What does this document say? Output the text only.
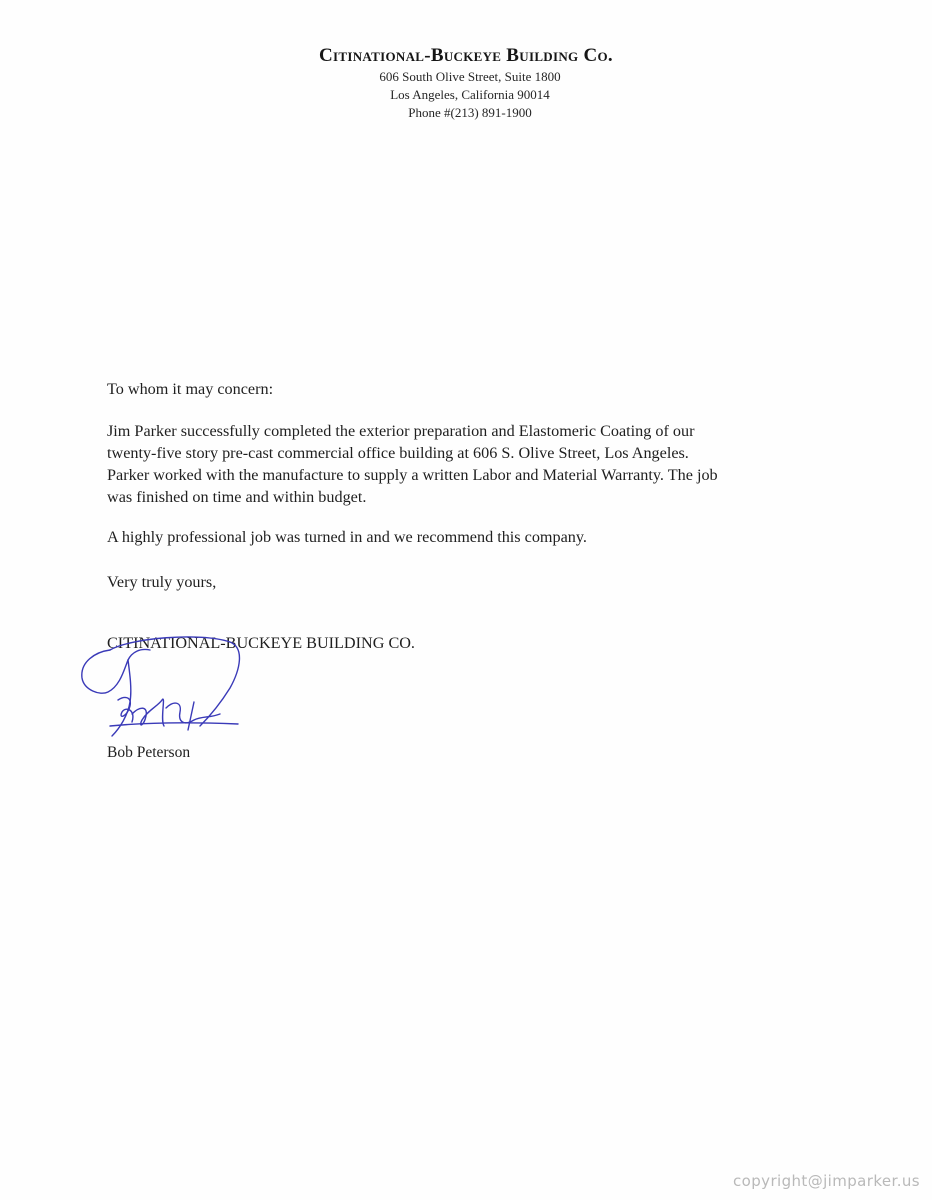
Citinational-Buckeye Building Co.
606 South Olive Street, Suite 1800
Los Angeles, California 90014
Phone #(213) 891-1900
To whom it may concern:
Jim Parker successfully completed the exterior preparation and Elastomeric Coating of our
twenty-five story pre-cast commercial office building at 606 S. Olive Street, Los Angeles.
Parker worked with the manufacture to supply a written Labor and Material Warranty. The job
was finished on time and within budget.
A highly professional job was turned in and we recommend this company.
Very truly yours,
CITINATIONAL-BUCKEYE BUILDING CO.
Bob Peterson
copyright@jimparker.us
